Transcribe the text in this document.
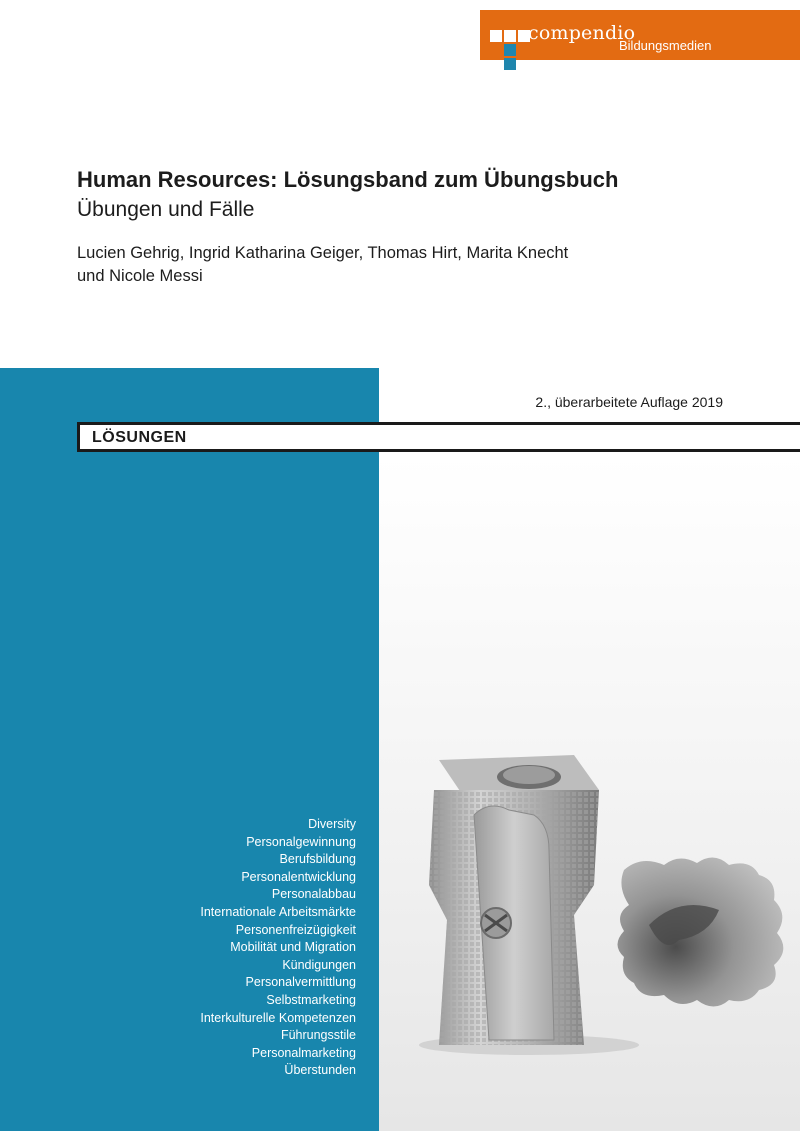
compendio
Bildungsmedien
Human Resources: Lösungsband zum Übungsbuch
Übungen und Fälle
Lucien Gehrig, Ingrid Katharina Geiger, Thomas Hirt, Marita Knecht
und Nicole Messi
2., überarbeitete Auflage 2019
LÖSUNGEN
Diversity
Personalgewinnung
Berufsbildung
Personalentwicklung
Personalabbau
Internationale Arbeitsmärkte
Personenfreizügigkeit
Mobilität und Migration
Kündigungen
Personalvermittlung
Selbstmarketing
Interkulturelle Kompetenzen
Führungsstile
Personalmarketing
Überstunden
